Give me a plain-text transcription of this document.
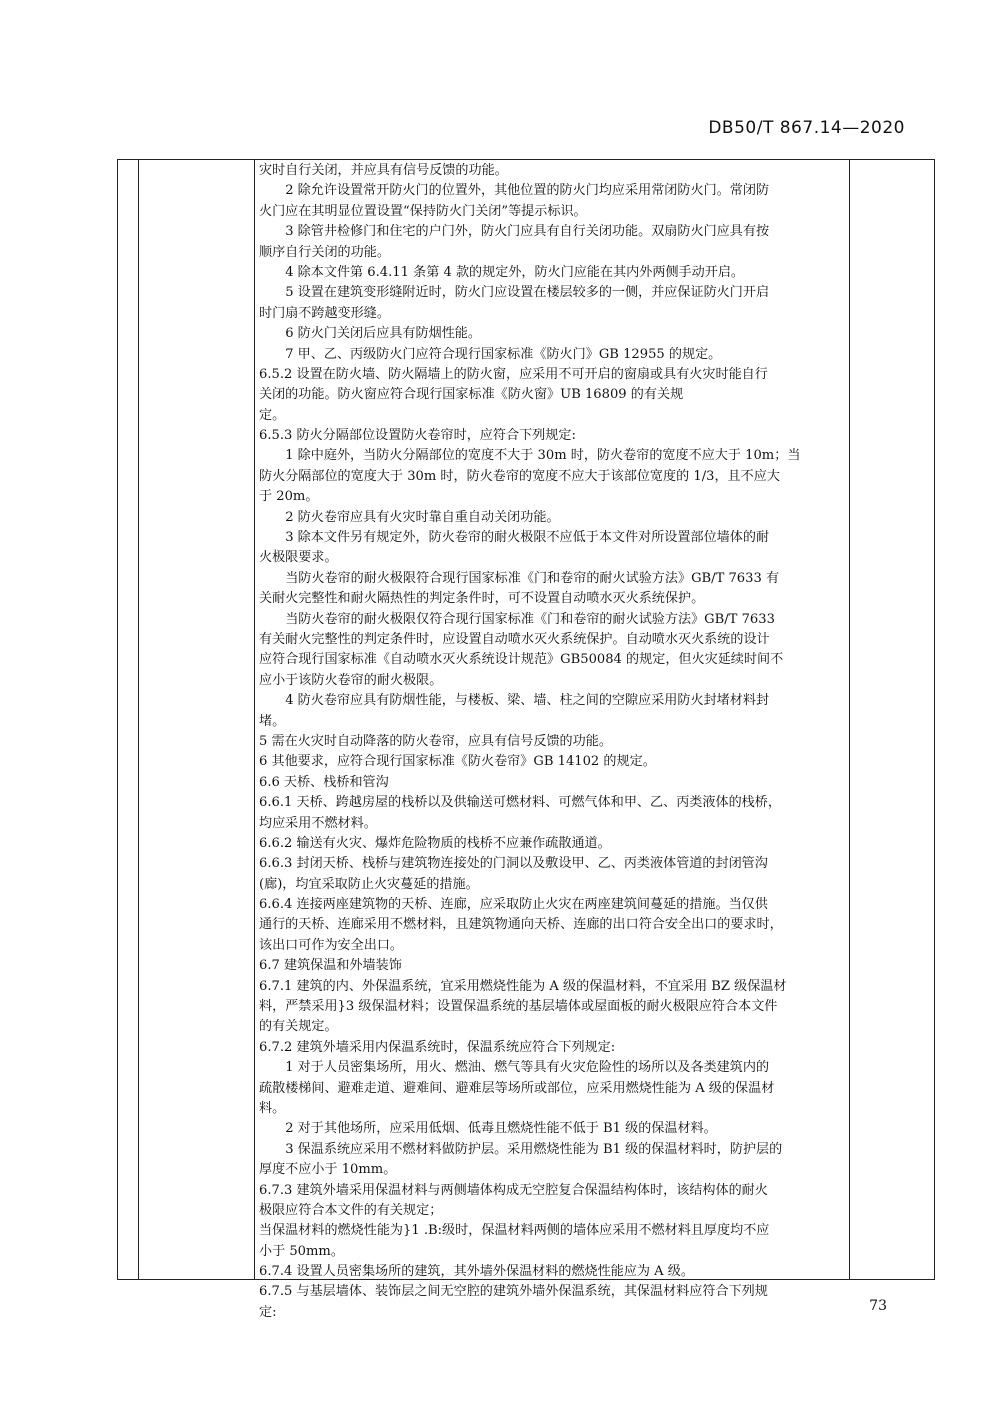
DB50/T 867.14—2020
灾时自行关闭，并应具有信号反馈的功能。
2 除允许设置常开防火门的位置外，其他位置的防火门均应采用常闭防火门。常闭防
火门应在其明显位置设置“保持防火门关闭”等提示标识。
3 除管井检修门和住宅的户门外，防火门应具有自行关闭功能。双扇防火门应具有按
顺序自行关闭的功能。
4 除本文件第 6.4.11 条第 4 款的规定外，防火门应能在其内外两侧手动开启。
5 设置在建筑变形缝附近时，防火门应设置在楼层较多的一侧，并应保证防火门开启
时门扇不跨越变形缝。
6 防火门关闭后应具有防烟性能。
7 甲、乙、丙级防火门应符合现行国家标准《防火门》GB 12955 的规定。
6.5.2 设置在防火墙、防火隔墙上的防火窗，应采用不可开启的窗扇或具有火灾时能自行
关闭的功能。防火窗应符合现行国家标准《防火窗》UB 16809 的有关规
定。
6.5.3 防火分隔部位设置防火卷帘时，应符合下列规定:
1 除中庭外，当防火分隔部位的宽度不大于 30m 时，防火卷帘的宽度不应大于 10m；当
防火分隔部位的宽度大于 30m 时，防火卷帘的宽度不应大于该部位宽度的 1/3，且不应大
于 20m。
2 防火卷帘应具有火灾时靠自重自动关闭功能。
3 除本文件另有规定外，防火卷帘的耐火极限不应低于本文件对所设置部位墙体的耐
火极限要求。
当防火卷帘的耐火极限符合现行国家标准《门和卷帘的耐火试验方法》GB/T 7633 有
关耐火完整性和耐火隔热性的判定条件时，可不设置自动喷水灭火系统保护。
当防火卷帘的耐火极限仅符合现行国家标准《门和卷帘的耐火试验方法》GB/T 7633
有关耐火完整性的判定条件时，应设置自动喷水灭火系统保护。自动喷水灭火系统的设计
应符合现行国家标准《自动喷水灭火系统设计规范》GB50084 的规定，但火灾延续时间不
应小于该防火卷帘的耐火极限。
4 防火卷帘应具有防烟性能，与楼板、梁、墙、柱之间的空隙应采用防火封堵材料封
堵。
5 需在火灾时自动降落的防火卷帘，应具有信号反馈的功能。
6 其他要求，应符合现行国家标准《防火卷帘》GB 14102 的规定。
6.6 天桥、栈桥和管沟
6.6.1 天桥、跨越房屋的栈桥以及供输送可燃材料、可燃气体和甲、乙、丙类液体的栈桥，
均应采用不燃材料。
6.6.2 输送有火灾、爆炸危险物质的栈桥不应兼作疏散通道。
6.6.3 封闭天桥、栈桥与建筑物连接处的门洞以及敷设甲、乙、丙类液体管道的封闭管沟
(廊)，均宜采取防止火灾蔓延的措施。
6.6.4 连接两座建筑物的天桥、连廊，应采取防止火灾在两座建筑间蔓延的措施。当仅供
通行的天桥、连廊采用不燃材料，且建筑物通向天桥、连廊的出口符合安全出口的要求时，
该出口可作为安全出口。
6.7 建筑保温和外墙装饰
6.7.1 建筑的内、外保温系统，宜采用燃烧性能为 A 级的保温材料，不宜采用 BZ 级保温材
料，严禁采用}3 级保温材料；设置保温系统的基层墙体或屋面板的耐火极限应符合本文件
的有关规定。
6.7.2 建筑外墙采用内保温系统时，保温系统应符合下列规定:
1 对于人员密集场所，用火、燃油、燃气等具有火灾危险性的场所以及各类建筑内的
疏散楼梯间、避难走道、避难间、避难层等场所或部位，应采用燃烧性能为 A 级的保温材
料。
2 对于其他场所，应采用低烟、低毒且燃烧性能不低于 B1 级的保温材料。
3 保温系统应采用不燃材料做防护层。采用燃烧性能为 B1 级的保温材料时，防护层的
厚度不应小于 10mm。
6.7.3 建筑外墙采用保温材料与两侧墙体构成无空腔复合保温结构体时，该结构体的耐火
极限应符合本文件的有关规定；
当保温材料的燃烧性能为}1 .B:级时，保温材料两侧的墙体应采用不燃材料且厚度均不应
小于 50mm。
6.7.4 设置人员密集场所的建筑，其外墙外保温材料的燃烧性能应为 A 级。
6.7.5 与基层墙体、装饰层之间无空腔的建筑外墙外保温系统，其保温材料应符合下列规
定:	73
